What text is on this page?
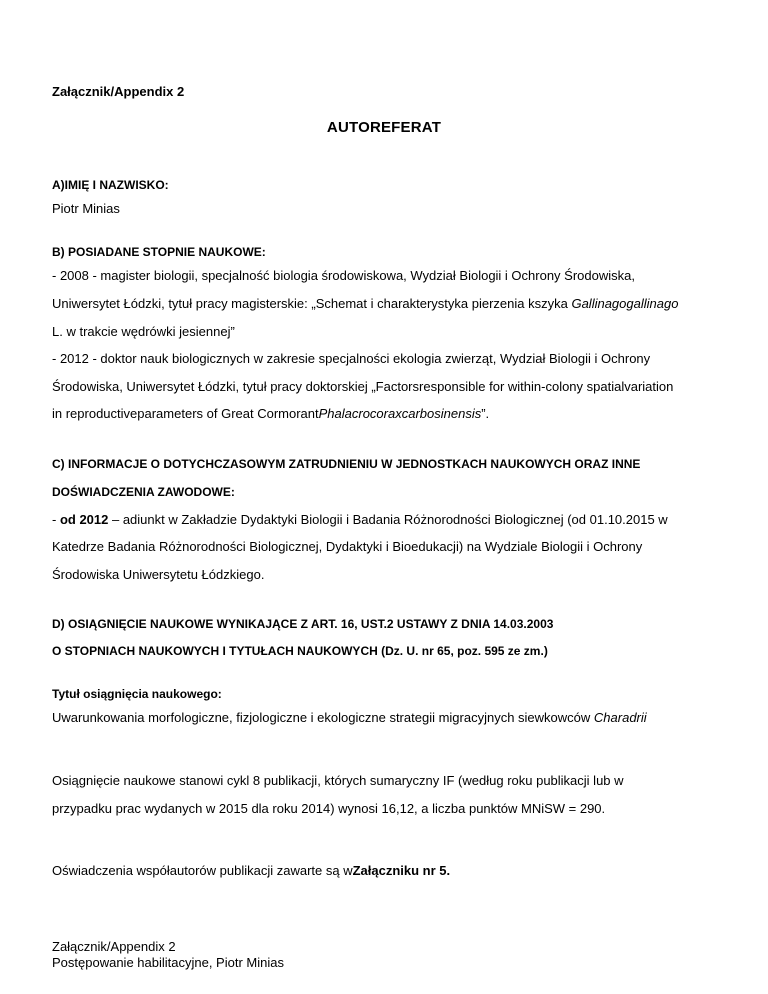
Załącznik/Appendix 2
AUTOREFERAT
A)IMIĘ I NAZWISKO:
Piotr Minias
B) POSIADANE STOPNIE NAUKOWE:
- 2008 - magister biologii, specjalność biologia środowiskowa, Wydział Biologii i Ochrony Środowiska,
Uniwersytet Łódzki, tytuł pracy magisterskie: „Schemat i charakterystyka pierzenia kszyka Gallinagogallinago
L. w trakcie wędrówki jesiennej”
- 2012 - doktor nauk biologicznych w zakresie specjalności ekologia zwierząt, Wydział Biologii i Ochrony
Środowiska, Uniwersytet Łódzki, tytuł pracy doktorskiej „Factorsresponsible for within-colony spatialvariation
in reproductiveparameters of Great CormorantPhalacrocoraxcarbosinensis”.
C) INFORMACJE O DOTYCHCZASOWYM ZATRUDNIENIU W JEDNOSTKACH NAUKOWYCH ORAZ INNE
DOŚWIADCZENIA ZAWODOWE:
- od 2012 – adiunkt w Zakładzie Dydaktyki Biologii i Badania Różnorodności Biologicznej (od 01.10.2015 w
Katedrze Badania Różnorodności Biologicznej, Dydaktyki i Bioedukacji) na Wydziale Biologii i Ochrony
Środowiska Uniwersytetu Łódzkiego.
D) OSIĄGNIĘCIE NAUKOWE WYNIKAJĄCE Z ART. 16, UST.2 USTAWY Z DNIA 14.03.2003
O STOPNIACH NAUKOWYCH I TYTUŁACH NAUKOWYCH (Dz. U. nr 65, poz. 595 ze zm.)
Tytuł osiągnięcia naukowego:
Uwarunkowania morfologiczne, fizjologiczne i ekologiczne strategii migracyjnych siewkowców Charadrii
Osiągnięcie naukowe stanowi cykl 8 publikacji, których sumaryczny IF (według roku publikacji lub w
przypadku prac wydanych w 2015 dla roku 2014) wynosi 16,12, a liczba punktów MNiSW = 290.
Oświadczenia współautorów publikacji zawarte są wZałączniku nr 5.
Załącznik/Appendix 2
Postępowanie habilitacyjne, Piotr Minias
